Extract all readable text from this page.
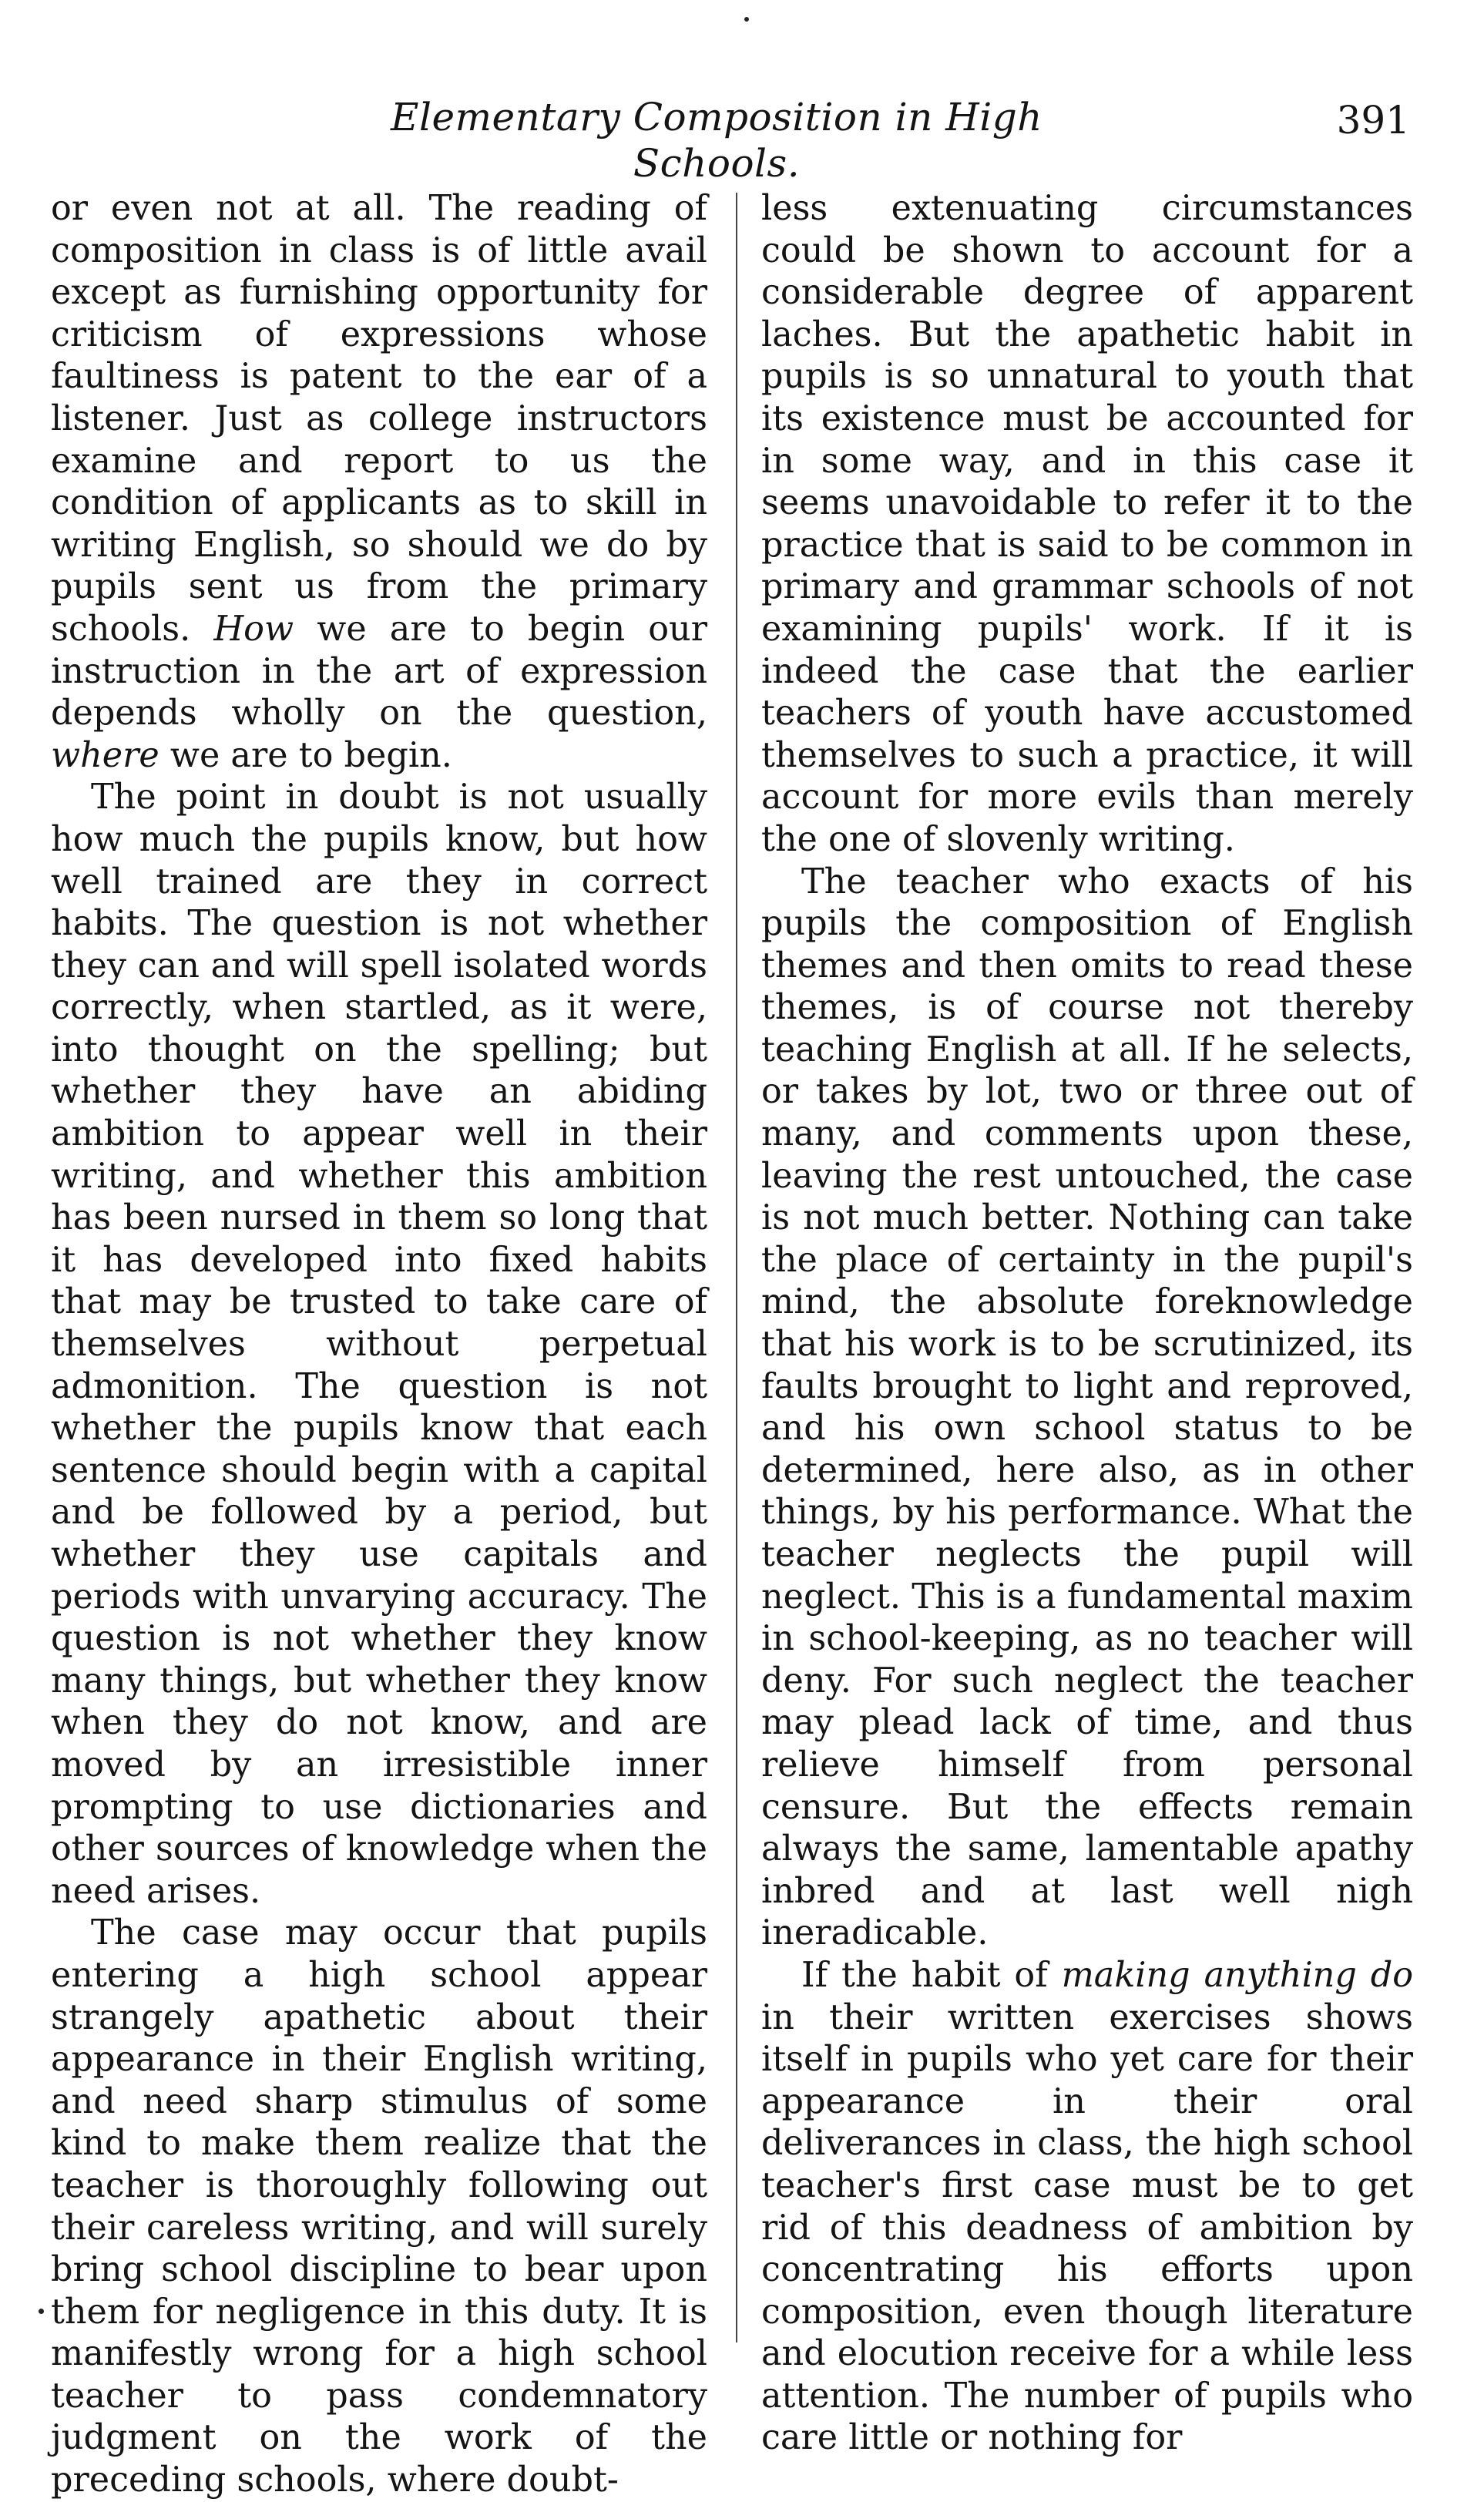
Elementary Composition in High Schools.
391

or even not at all. The reading of composition in class is of little avail except as furnishing opportunity for criticism of expressions whose faultiness is patent to the ear of a listener. Just as college instructors examine and report to us the condition of applicants as to skill in writing English, so should we do by pupils sent us from the primary schools. How we are to begin our instruction in the art of expression depends wholly on the question, where we are to begin.

The point in doubt is not usually how much the pupils know, but how well trained are they in correct habits. The question is not whether they can and will spell isolated words correctly, when startled, as it were, into thought on the spelling; but whether they have an abiding ambition to appear well in their writing, and whether this ambition has been nursed in them so long that it has developed into fixed habits that may be trusted to take care of themselves without perpetual admonition. The question is not whether the pupils know that each sentence should begin with a capital and be followed by a period, but whether they use capitals and periods with unvarying accuracy. The question is not whether they know many things, but whether they know when they do not know, and are moved by an irresistible inner prompting to use dictionaries and other sources of knowledge when the need arises.

The case may occur that pupils entering a high school appear strangely apathetic about their appearance in their English writing, and need sharp stimulus of some kind to make them realize that the teacher is thoroughly following out their careless writing, and will surely bring school discipline to bear upon them for negligence in this duty. It is manifestly wrong for a high school teacher to pass condemnatory judgment on the work of the preceding schools, where doubt-

less extenuating circumstances could be shown to account for a considerable degree of apparent laches. But the apathetic habit in pupils is so unnatural to youth that its existence must be accounted for in some way, and in this case it seems unavoidable to refer it to the practice that is said to be common in primary and grammar schools of not examining pupils' work. If it is indeed the case that the earlier teachers of youth have accustomed themselves to such a practice, it will account for more evils than merely the one of slovenly writing.

The teacher who exacts of his pupils the composition of English themes and then omits to read these themes, is of course not thereby teaching English at all. If he selects, or takes by lot, two or three out of many, and comments upon these, leaving the rest untouched, the case is not much better. Nothing can take the place of certainty in the pupil's mind, the absolute foreknowledge that his work is to be scrutinized, its faults brought to light and reproved, and his own school status to be determined, here also, as in other things, by his performance. What the teacher neglects the pupil will neglect. This is a fundamental maxim in school-keeping, as no teacher will deny. For such neglect the teacher may plead lack of time, and thus relieve himself from personal censure. But the effects remain always the same, lamentable apathy inbred and at last well nigh ineradicable.

If the habit of making anything do in their written exercises shows itself in pupils who yet care for their appearance in their oral deliverances in class, the high school teacher's first case must be to get rid of this deadness of ambition by concentrating his efforts upon composition, even though literature and elocution receive for a while less attention. The number of pupils who care little or nothing for
